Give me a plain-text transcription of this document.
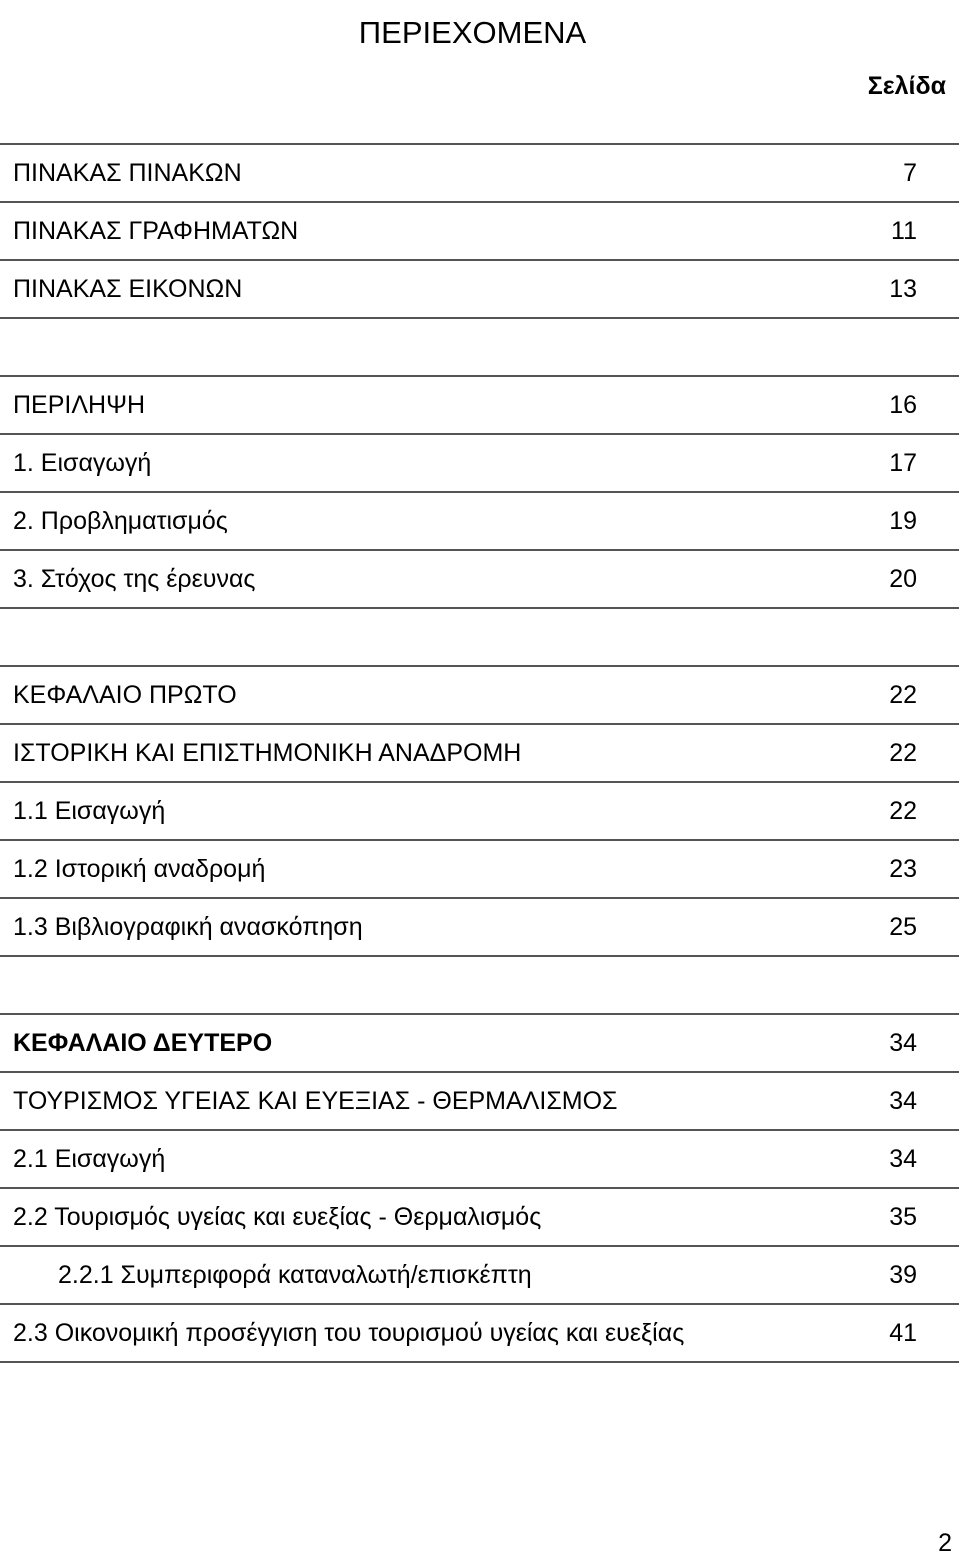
ΠΕΡΙΕΧΟΜΕΝΑ
Σελίδα
ΠΙΝΑΚΑΣ ΠΙΝΑΚΩΝ	7
ΠΙΝΑΚΑΣ ΓΡΑΦΗΜΑΤΩΝ	11
ΠΙΝΑΚΑΣ ΕΙΚΟΝΩΝ	13

ΠΕΡΙΛΗΨΗ	16
1. Εισαγωγή	17
2. Προβληματισμός	19
3. Στόχος της έρευνας	20

ΚΕΦΑΛΑΙΟ ΠΡΩΤΟ	22
ΙΣΤΟΡΙΚΗ ΚΑΙ ΕΠΙΣΤΗΜΟΝΙΚΗ ΑΝΑΔΡΟΜΗ	22
1.1 Εισαγωγή	22
1.2 Ιστορική αναδρομή	23
1.3 Βιβλιογραφική ανασκόπηση	25

ΚΕΦΑΛΑΙΟ ΔΕΥΤΕΡΟ	34
ΤΟΥΡΙΣΜΟΣ ΥΓΕΙΑΣ ΚΑΙ ΕΥΕΞΙΑΣ - ΘΕΡΜΑΛΙΣΜΟΣ	34
2.1 Εισαγωγή	34
2.2 Τουρισμός υγείας και ευεξίας - Θερμαλισμός	35
2.2.1 Συμπεριφορά καταναλωτή/επισκέπτη	39
2.3 Οικονομική προσέγγιση του τουρισμού υγείας και ευεξίας	41
2
